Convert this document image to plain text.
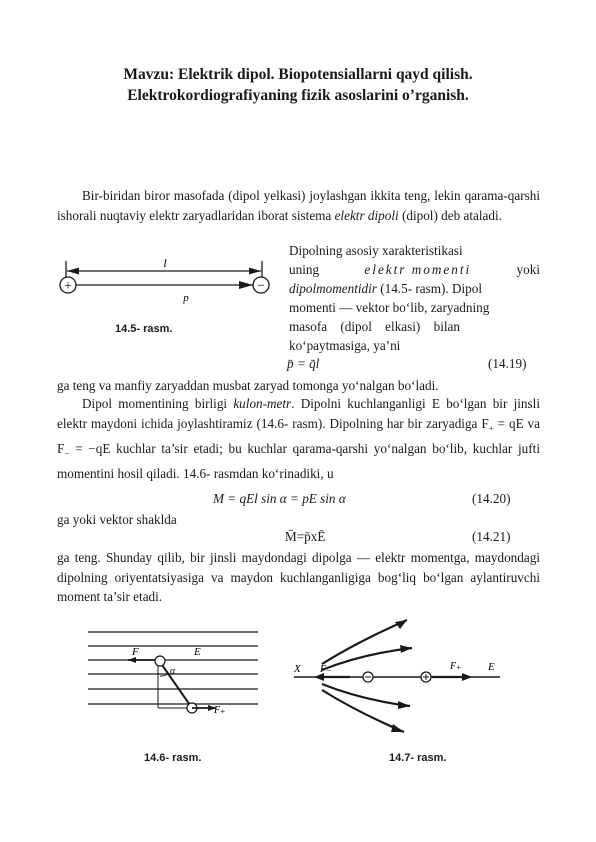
Mavzu: Elektrik dipol. Biopotensiallarni qayd qilish.
Elektrokordiografiyaning fizik asoslarini o’rganish.
Bir-biridan biror masofada (dipol yelkasi) joylashgan ikkita teng, lekin qarama-qarshi ishorali nuqtaviy elektr zaryadlaridan iborat sistema elektr dipoli (dipol) deb ataladi.
l
+	−
p
14.5- rasm.
Dipolning asosiy xarakteristikasi
uning	elektr momenti	yoki
dipolmomentidir (14.5- rasm). Dipol
momenti — vektor bo‘lib, zaryadning
masofa (dipol elkasi) bilan
ko‘paytmasiga, ya’ni
p̄ = q̄l	(14.19)
ga teng va manfiy zaryaddan musbat zaryad tomonga yo‘nalgan bo‘ladi.
Dipol momentining birligi kulon-metr. Dipolni kuchlanganligi E bo‘lgan bir jinsli elektr maydoni ichida joylashtiramiz (14.6- rasm). Dipolning har bir zaryadiga $F_+$ = qE va $F_- = -qE$ kuchlar ta’sir etadi; bu kuchlar qarama-qarshi yo‘nalgan bo‘lib, kuchlar jufti momentini hosil qiladi. 14.6- rasmdan ko‘rinadiki, u
M = qEl sin α = pE sin α	(14.20)
ga yoki vektor shaklda
M̄=p̄xĒ	(14.21)
ga teng. Shunday qilib, bir jinsli maydondagi dipolga — elektr momentga, maydondagi dipolning oriyentatsiyasiga va maydon kuchlanganligiga bog‘liq bo‘lgan aylantiruvchi moment ta’sir etadi.
F	E
α
F₊
14.6- rasm.
X F₋	F₊ E
14.7- rasm.
